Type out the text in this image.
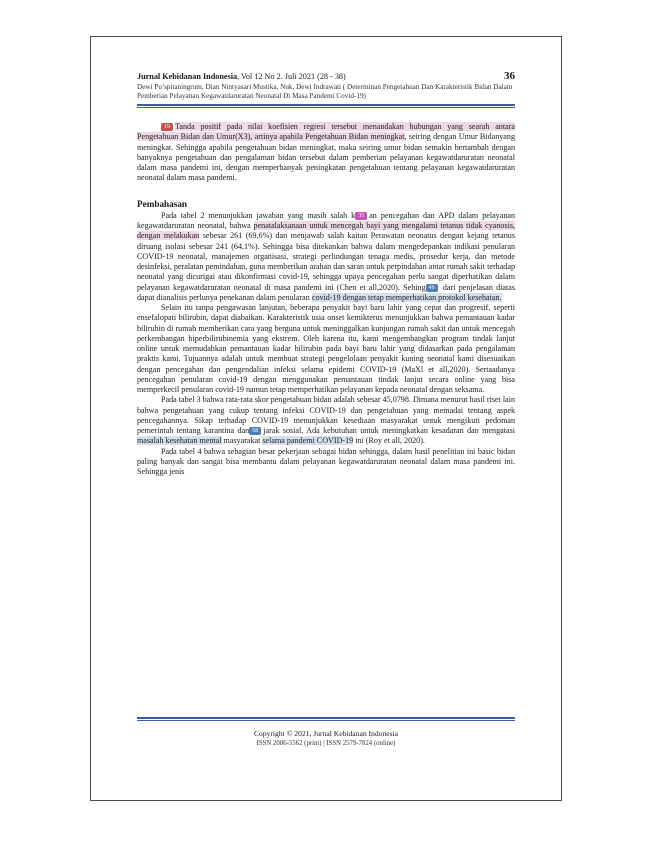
Jurnal Kebidanan Indonesia, Vol 12 No 2. Juli 2021 (28 - 38)	36
Dewi Pu’spitaningrum, Dian Nintyasari Mustika, Nuk, Dewi Indrawati ( Determinan Pengetahuan Dan Karakteristik Bidan Dalam Pemberian Pelayanan Kegawatdaruratan Neonatal Di Masa Pandemi Covid-19)

19 Tanda positif pada nilai koefisien regresi tersebut menandakan hubungan yang searah antara Pengetahuan Bidan dan Umur(X3), artinya apabila Pengetahuan Bidan meningkat, seiring dengan Umur Bidanyang meningkat. Sehingga apabila pengetahuan bidan meningkat, maka seiring umur bidan semakin bertambah dengan banyaknya pengetahuan dan pengalaman bidan tersebut dalam pemberian pelayanan kegawatdaruratan neonatal dalam masa pandemi ini, dengan memperbanyak peningkatan pengetahuan tentang pelayanan kegawatdaruratan neonatal dalam masa pandemi.

Pembahasan

Pada tabel 2 menunjukkan jawaban yang masih salah k 35 an pencegahan dan APD dalam pelayanan kegawatdaruratan neonatal, bahwa penatalaksanaan untuk mencegah bayi yang mengalami tetanus tidak cyanosis, dengan melakukan sebesar 261 (69,6%) dan menjawab salah kaitan Perawatan neonatus dengan kejang tetanus diruang isolasi sebesar 241 (64,1%). Sehingga bisa ditekankan bahwa dalam mengedepankan indikasi penularan COVID-19 neonatal, manajemen organisasi, strategi perlindungan tenaga medis, prosedur kerja, dan metode desinfeksi, peralatan pemindahan, guna memberikan arahan dan saran untuk perpindahan antar rumah sakit terhadap neonatal yang dicurigai atau dikonfirmasi covid-19, sehingga upaya pencegahan perlu sangat diperhatikan dalam pelayanan kegawatdaruratan neonatal di masa pandemi ini (Chen et all,2020). Sehing 46 dari penjelasan diatas dapat dianalisis perlunya penekanan dalam penularan covid-19 dengan tetap memperhatikan protokol kesehatan.

Selain itu tanpa pengawasan lanjutan, beberapa penyakit bayi baru lahir yang cepat dan progresif, seperti ensefalopati bilirubin, dapat diabaikan. Karakteristik usia onset kemikterus menunjukkan bahwa pemantauan kadar bilirubin di rumah memberikan cara yang berguna untuk meninggalkan kunjungan rumah sakit dan untuk mencegah perkembangan hiperbilirubinemia yang ekstrem. Oleh karena itu, kami mengembangkan program tindak lanjut online untuk memudahkan pemantauan kadar bilirubin pada bayi baru lahir yang didasarkan pada pengalaman praktis kami. Tujuannya adalah untuk membuat strategi pengelolaan penyakit kuning neonatal kami disesuaikan dengan pencegahan dan pengendalian infeksi selama epidemi COVID-19 (MaXl et all,2020). Sertaadanya pencegahan penularan covid-19 dengan menggunakan pemantauan tindak lanjut secara online yang bisa memperkecil penularan covid-19 namun tetap memperhatikan pelayanan kepada neonatal dengan seksama.

Pada tabel 3 bahwa rata-rata skor pengetahuan bidan adalah sebesar 45,0798. Dimana menurut hasil riset lain bahwa pengetahuan yang cukup tentang infeksi COVID-19 dan pengetahuan yang memadai tentang aspek pencegahannya. Sikap terhadap COVID-19 menunjukkan kesediaan masyarakat untuk mengikuti pedoman pemerintah tentang karantina dan 58 jarak sosial. Ada kebutuhan untuk meningkatkan kesadaran dan mengatasi masalah kesehatan mental masyarakat selama pandemi COVID-19 ini (Roy et all, 2020).

Pada tabel 4 bahwa sebagian besar pekerjaan sebagai bidan sehingga, dalam hasil penelitian ini basic bidan paling banyak dan sangat bisa membantu dalam pelayanan kegawatdaruratan neonatal dalam masa pandemi ini. Sehingga jenis

Copyright © 2021, Jurnal Kebidanan Indonesia
ISSN 2086-5562 (print) | ISSN 2579-7824 (online)
